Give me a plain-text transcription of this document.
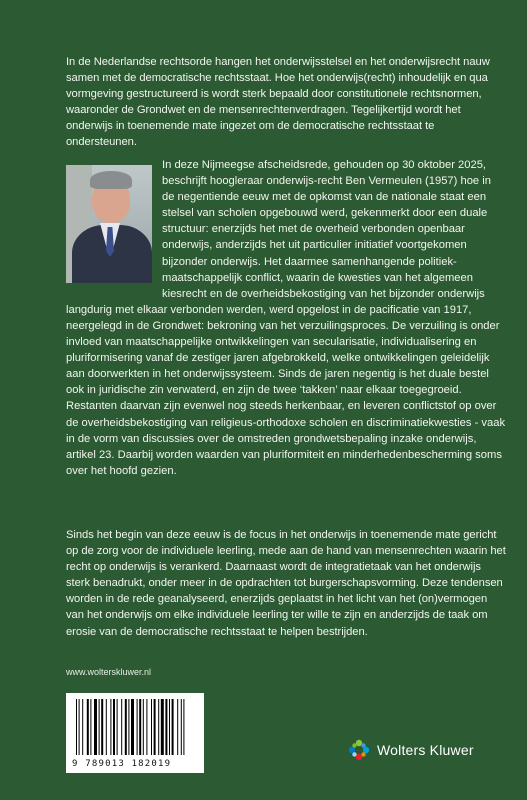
In de Nederlandse rechtsorde hangen het onderwijsstelsel en het onderwijsrecht nauw samen met de democratische rechtsstaat. Hoe het onderwijs(recht) inhoudelijk en qua vormgeving gestructureerd is wordt sterk bepaald door constitutionele rechtsnormen, waaronder de Grondwet en de mensenrechtenverdragen. Tegelijkertijd wordt het onderwijs in toenemende mate ingezet om de democratische rechtsstaat te ondersteunen.

In deze Nijmeegse afscheidsrede, gehouden op 30 oktober 2025, beschrijft hoogleraar onderwijs-recht Ben Vermeulen (1957) hoe in de negentiende eeuw met de opkomst van de nationale staat een stelsel van scholen opgebouwd werd, gekenmerkt door een duale structuur: enerzijds het met de overheid verbonden openbaar onderwijs, anderzijds het uit particulier initiatief voortgekomen bijzonder onderwijs. Het daarmee samenhangende politiek-maatschappelijk conflict, waarin de kwesties van het algemeen kiesrecht en de overheidsbekostiging van het bijzonder onderwijs langdurig met elkaar verbonden werden, werd opgelost in de pacificatie van 1917, neergelegd in de Grondwet: bekroning van het verzuilingsproces. De verzuiling is onder invloed van maatschappelijke ontwikkelingen van secularisatie, individualisering en pluriformisering vanaf de zestiger jaren afgebrokkeld, welke ontwikkelingen geleidelijk aan doorwerkten in het onderwijssysteem. Sinds de jaren negentig is het duale bestel ook in juridische zin verwaterd, en zijn de twee ‘takken’ naar elkaar toegegroeid. Restanten daarvan zijn evenwel nog steeds herkenbaar, en leveren conflictstof op over de overheidsbekostiging van religieus-orthodoxe scholen en discriminatiekwesties - vaak in de vorm van discussies over de omstreden grondwetsbepaling inzake onderwijs, artikel 23. Daarbij worden waarden van pluriformiteit en minderhedenbescherming soms over het hoofd gezien.

Sinds het begin van deze eeuw is de focus in het onderwijs in toenemende mate gericht op de zorg voor de individuele leerling, mede aan de hand van mensenrechten waarin het recht op onderwijs is verankerd. Daarnaast wordt de integratietaak van het onderwijs sterk benadrukt, onder meer in de opdrachten tot burgerschapsvorming. Deze tendensen worden in de rede geanalyseerd, enerzijds geplaatst in het licht van het (on)vermogen van het onderwijs om elke individuele leerling ter wille te zijn en anderzijds de taak om erosie van de democratische rechtsstaat te helpen bestrijden.

www.wolterskluwer.nl
9 789013 182019
Wolters Kluwer
